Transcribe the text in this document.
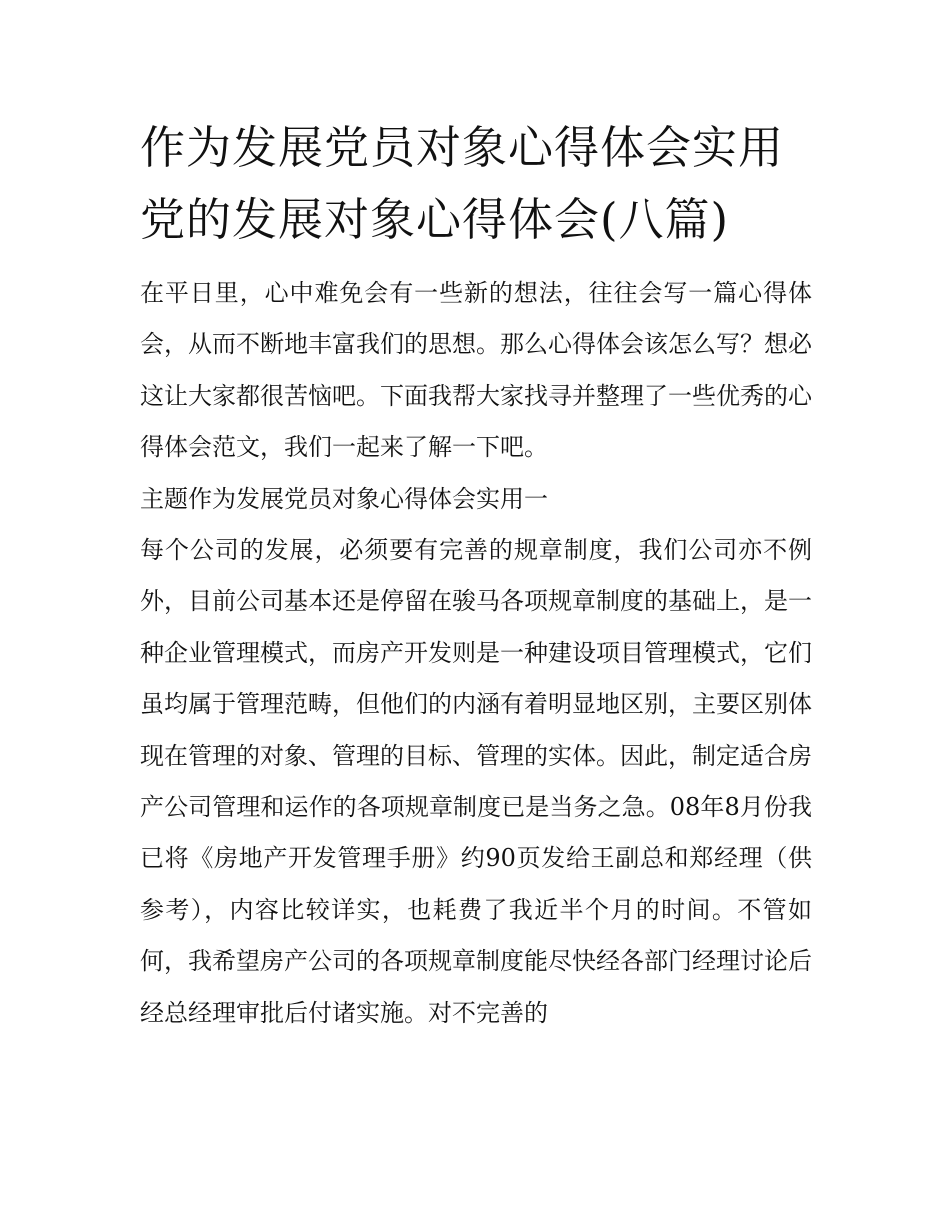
作为发展党员对象心得体会实用 党的发展对象心得体会(八篇)

在平日里，心中难免会有一些新的想法，往往会写一篇心得体会，从而不断地丰富我们的思想。那么心得体会该怎么写？想必这让大家都很苦恼吧。下面我帮大家找寻并整理了一些优秀的心得体会范文，我们一起来了解一下吧。

主题作为发展党员对象心得体会实用一

每个公司的发展，必须要有完善的规章制度，我们公司亦不例外，目前公司基本还是停留在骏马各项规章制度的基础上，是一种企业管理模式，而房产开发则是一种建设项目管理模式，它们虽均属于管理范畴，但他们的内涵有着明显地区别，主要区别体现在管理的对象、管理的目标、管理的实体。因此，制定适合房产公司管理和运作的各项规章制度已是当务之急。08年8月份我已将《房地产开发管理手册》约90页发给王副总和郑经理（供参考），内容比较详实，也耗费了我近半个月的时间。不管如何，我希望房产公司的各项规章制度能尽快经各部门经理讨论后经总经理审批后付诸实施。对不完善的
